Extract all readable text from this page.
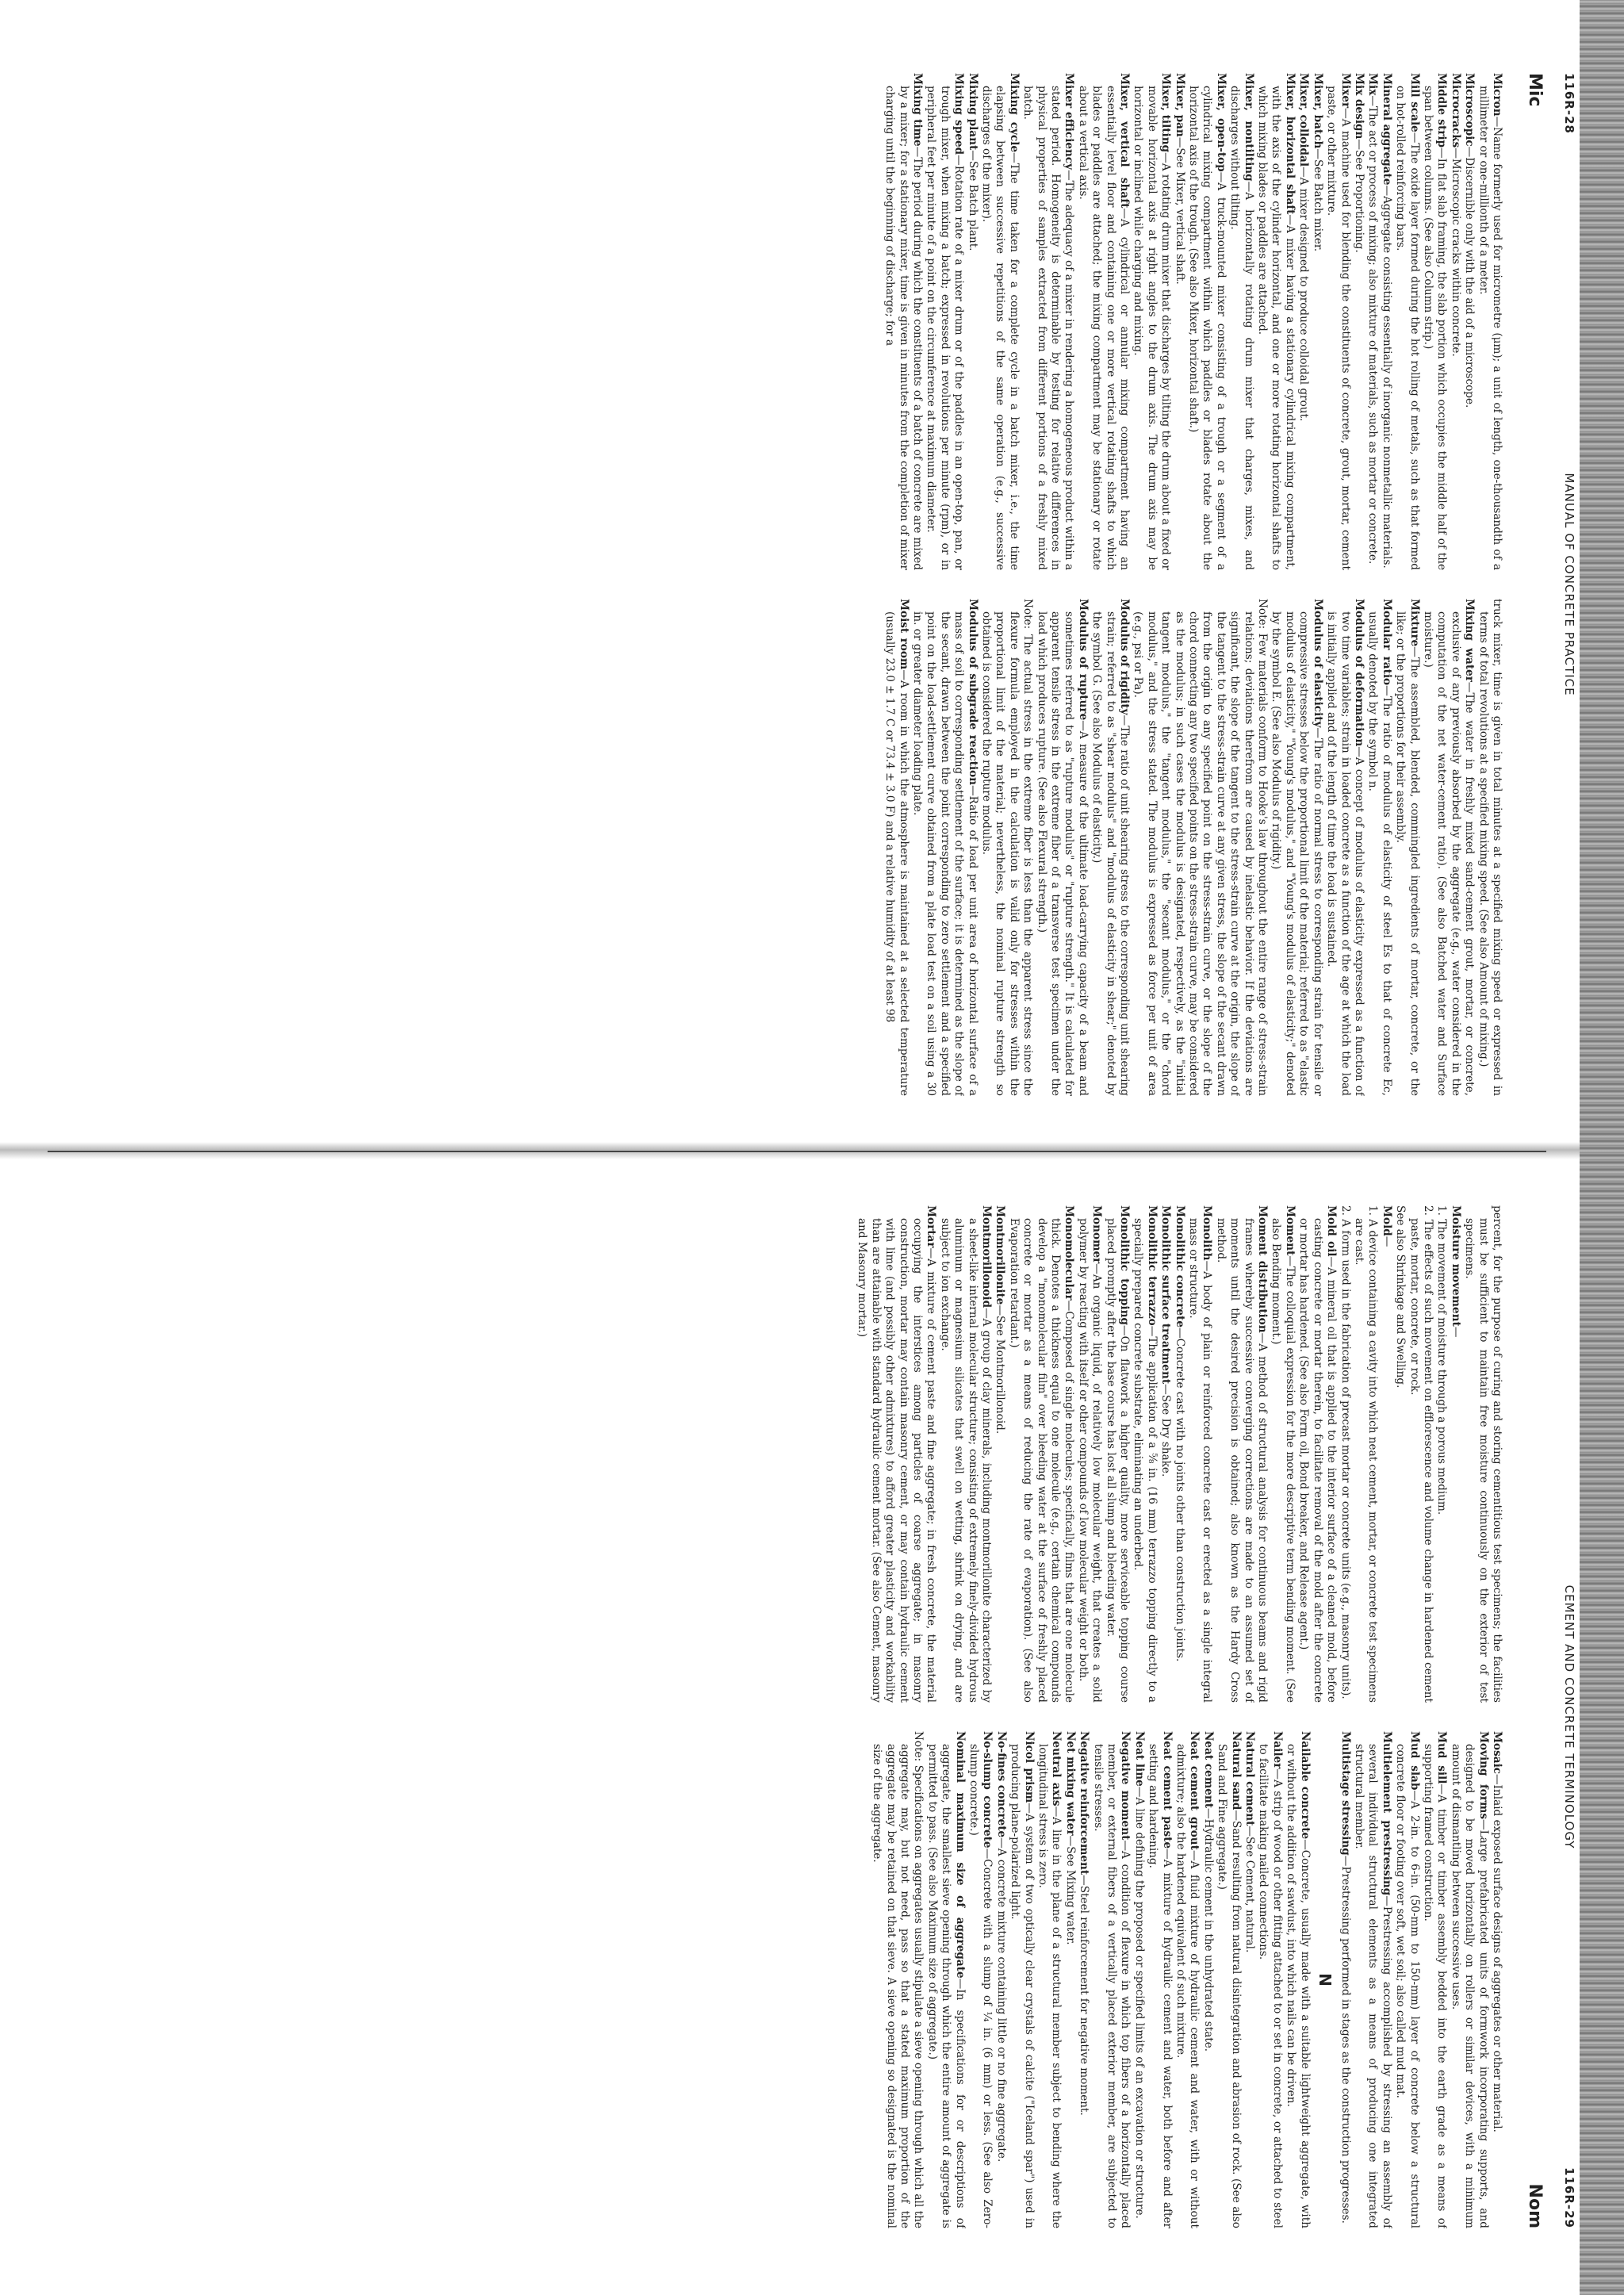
116R-28
MANUAL OF CONCRETE PRACTICE
Mic

Micron—Name formerly used for micrometre (μm); a unit of length, one-thousandth of a millimeter or one-millionth of a meter.

Microscopic—Discernible only with the aid of a microscope.

Microcracks—Microscopic cracks within concrete.

Middle strip—In flat slab framing, the slab portion which occupies the middle half of the span between columns. (See also Column strip.)

Mill scale—The oxide layer formed during the hot rolling of metals, such as that formed on hot-rolled reinforcing bars.

Mineral aggregate—Aggregate consisting essentially of inorganic nonmetallic materials.

Mix—The act or process of mixing; also mixture of materials, such as mortar or concrete.

Mix design—See Proportioning.

Mixer—A machine used for blending the constituents of concrete, grout, mortar, cement paste, or other mixture.

Mixer, batch—See Batch mixer.

Mixer, colloidal—A mixer designed to produce colloidal grout.

Mixer, horizontal shaft—A mixer having a stationary cylindrical mixing compartment, with the axis of the cylinder horizontal, and one or more rotating horizontal shafts to which mixing blades or paddles are attached.

Mixer, nontilting—A horizontally rotating drum mixer that charges, mixes, and discharges without tilting.

Mixer, open-top—A truck-mounted mixer consisting of a trough or a segment of a cylindrical mixing compartment within which paddles or blades rotate about the horizontal axis of the trough. (See also Mixer, horizontal shaft.)

Mixer, pan—See Mixer, vertical shaft.

Mixer, tilting—A rotating drum mixer that discharges by tilting the drum about a fixed or movable horizontal axis at right angles to the drum axis. The drum axis may be horizontal or inclined while charging and mixing.

Mixer, vertical shaft—A cylindrical or annular mixing compartment having an essentially level floor and containing one or more vertical rotating shafts to which blades or paddles are attached; the mixing compartment may be stationary or rotate about a vertical axis.

Mixer efficiency—The adequacy of a mixer in rendering a homogeneous product within a stated period. Homogeneity is determinable by testing for relative differences in physical properties of samples extracted from different portions of a freshly mixed batch.

Mixing cycle—The time taken for a complete cycle in a batch mixer, i.e., the time elapsing between successive repetitions of the same operation (e.g., successive discharges of the mixer).

Mixing plant—See Batch plant.

Mixing speed—Rotation rate of a mixer drum or of the paddles in an open-top, pan, or trough mixer, when mixing a batch; expressed in revolutions per minute (rpm), or in peripheral feet per minute of a point on the circumference at maximum diameter.

Mixing time—The period during which the constituents of a batch of concrete are mixed by a mixer; for a stationary mixer, time is given in minutes from the completion of mixer charging until the beginning of discharge; for a

truck mixer, time is given in total minutes at a specified mixing speed or expressed in terms of total revolutions at a specified mixing speed. (See also Amount of mixing.)

Mixing water—The water in freshly mixed sand-cement grout, mortar, or concrete, exclusive of any previously absorbed by the aggregate (e.g., water considered in the computation of the net water-cement ratio). (See also Batched water and Surface moisture.)

Mixture—The assembled, blended, commingled ingredients of mortar, concrete, or the like; or the proportions for their assembly.

Modular ratio—The ratio of modulus of elasticity of steel Es to that of concrete Ec, usually denoted by the symbol n.

Modulus of deformation—A concept of modulus of elasticity expressed as a function of two time variables; strain in loaded concrete as a function of the age at which the load is initially applied and of the length of time the load is sustained.

Modulus of elasticity—The ratio of normal stress to corresponding strain for tensile or compressive stresses below the proportional limit of the material; referred to as "elastic modulus of elasticity," "Young's modulus," and "Young's modulus of elasticity;" denoted by the symbol E. (See also Modulus of rigidity.)

Note: Few materials conform to Hooke's law throughout the entire range of stress-strain relations; deviations therefrom are caused by inelastic behavior. If the deviations are significant, the slope of the tangent to the stress-strain curve at the origin, the slope of the tangent to the stress-strain curve at any given stress, the slope of the secant drawn from the origin to any specified point on the stress-strain curve, or the slope of the chord connecting any two specified points on the stress-strain curve, may be considered as the modulus; in such cases the modulus is designated, respectively, as the "initial tangent modulus," the "tangent modulus," the "secant modulus," or the "chord modulus," and the stress stated. The modulus is expressed as force per unit of area (e.g., psi or Pa).

Modulus of rigidity—The ratio of unit shearing stress to the corresponding unit shearing strain; referred to as "shear modulus" and "modulus of elasticity in shear;" denoted by the symbol G. (See also Modulus of elasticity.)

Modulus of rupture—A measure of the ultimate load-carrying capacity of a beam and sometimes referred to as "rupture modulus" or "rupture strength." It is calculated for apparent tensile stress in the extreme fiber of a transverse test specimen under the load which produces rupture. (See also Flexural strength.)

Note: The actual stress in the extreme fiber is less than the apparent stress since the flexure formula employed in the calculation is valid only for stresses within the proportional limit of the material; nevertheless, the nominal rupture strength so obtained is considered the rupture modulus.

Modulus of subgrade reaction—Ratio of load per unit area of horizontal surface of a mass of soil to corresponding settlement of the surface; it is determined as the slope of the secant, drawn between the point corresponding to zero settlement and a specified point on the load-settlement curve obtained from a plate load test on a soil using a 30 in. or greater diameter loading plate.

Moist room—A room in which the atmosphere is maintained at a selected temperature (usually 23.0 ± 1.7 C or 73.4 ± 3.0 F) and a relative humidity of at least 98

CEMENT AND CONCRETE TERMINOLOGY
116R-29
Nom

percent, for the purpose of curing and storing cementitious test specimens; the facilities must be sufficient to maintain free moisture continuously on the exterior of test specimens.

Moisture movement—

1. The movement of moisture through a porous medium.

2. The effects of such movement on efflorescence and volume change in hardened cement paste, mortar, concrete, or rock.

See also Shrinkage and Swelling.

Mold—

1. A device containing a cavity into which neat cement, mortar, or concrete test specimens are cast.

2. A form used in the fabrication of precast mortar or concrete units (e.g., masonry units).

Mold oil—A mineral oil that is applied to the interior surface of a cleaned mold, before casting concrete or mortar therein, to facilitate removal of the mold after the concrete or mortar has hardened. (See also Form oil, Bond breaker, and Release agent.)

Moment—The colloquial expression for the more descriptive term bending moment. (See also Bending moment.)

Moment distribution—A method of structural analysis for continuous beams and rigid frames whereby successive converging corrections are made to an assumed set of moments until the desired precision is obtained; also known as the Hardy Cross method.

Monolith—A body of plain or reinforced concrete cast or erected as a single integral mass or structure.

Monolithic concrete—Concrete cast with no joints other than construction joints.

Monolithic surface treatment—See Dry shake.

Monolithic terrazzo—The application of a ⅝ in. (16 mm) terrazzo topping directly to a specially prepared concrete substrate, eliminating an underbed.

Monolithic topping—On flatwork a higher quality, more serviceable topping course placed promptly after the base course has lost all slump and bleeding water.

Monomer—An organic liquid, of relatively low molecular weight, that creates a solid polymer by reacting with itself or other compounds of low molecular weight or both.

Monomolecular—Composed of single molecules; specifically, films that are one molecule thick. Denotes a thickness equal to one molecule (e.g., certain chemical compounds develop a "monomolecular film" over bleeding water at the surface of freshly placed concrete or mortar as a means of reducing the rate of evaporation). (See also Evaporation retardant.)

Montmorillonite—See Montmorillonoid.

Montmorillonoid—A group of clay minerals, including montmorillonite characterized by a sheet-like internal molecular structure; consisting of extremely finely-divided hydrous aluminum or magnesium silicates that swell on wetting, shrink on drying, and are subject to ion exchange.

Mortar—A mixture of cement paste and fine aggregate; in fresh concrete, the material occupying the interstices among particles of coarse aggregate; in masonry construction, mortar may contain masonry cement, or may contain hydraulic cement with lime (and possibly other admixtures) to afford greater plasticity and workability than are attainable with standard hydraulic cement mortar. (See also Cement, masonry and Masonry mortar.)

Mosaic—Inlaid exposed surface designs of aggregates or other material.

Moving forms—Large prefabricated units of formwork incorporating supports, and designed to be moved horizontally on rollers or similar devices, with a minimum amount of dismantling between successive uses.

Mud sill—A timber or timber assembly bedded into the earth grade as a means of supporting framed construction.

Mud slab—A 2-in. to 6-in. (50-mm to 150-mm) layer of concrete below a structural concrete floor or footing over soft, wet soil; also called mud mat.

Multielement prestressing—Prestressing accomplished by stressing an assembly of several individual structural elements as a means of producing one integrated structural member.

Multistage stressing—Prestressing performed in stages as the construction progresses.

N

Nailable concrete—Concrete, usually made with a suitable lightweight aggregate, with or without the addition of sawdust, into which nails can be driven.

Nailer—A strip of wood or other fitting attached to or set in concrete, or attached to steel to facilitate making nailed connections.

Natural cement—See Cement, natural.

Natural sand—Sand resulting from natural disintegration and abrasion of rock. (See also Sand and Fine aggregate.)

Neat cement—Hydraulic cement in the unhydrated state.

Neat cement grout—A fluid mixture of hydraulic cement and water, with or without admixture; also the hardened equivalent of such mixture.

Neat cement paste—A mixture of hydraulic cement and water, both before and after setting and hardening.

Neat line—A line defining the proposed or specified limits of an excavation or structure.

Negative moment—A condition of flexure in which top fibers of a horizontally placed member, or external fibers of a vertically placed exterior member, are subjected to tensile stresses.

Negative reinforcement—Steel reinforcement for negative moment.

Net mixing water—See Mixing water.

Neutral axis—A line in the plane of a structural member subject to bending where the longitudinal stress is zero.

Nicol prism—A system of two optically clear crystals of calcite ("Iceland spar") used in producing plane-polarized light.

No-fines concrete—A concrete mixture containing little or no fine aggregate.

No-slump concrete—Concrete with a slump of ¼ in. (6 mm) or less. (See also Zero-slump concrete.)

Nominal maximum size of aggregate—In specifications for or descriptions of aggregate, the smallest sieve opening through which the entire amount of aggregate is permitted to pass. (See also Maximum size of aggregate.)

Note: Specifications on aggregates usually stipulate a sieve opening through which all the aggregate may, but not need, pass so that a stated maximum proportion of the aggregate may be retained on that sieve. A sieve opening so designated is the nominal size of the aggregate.
